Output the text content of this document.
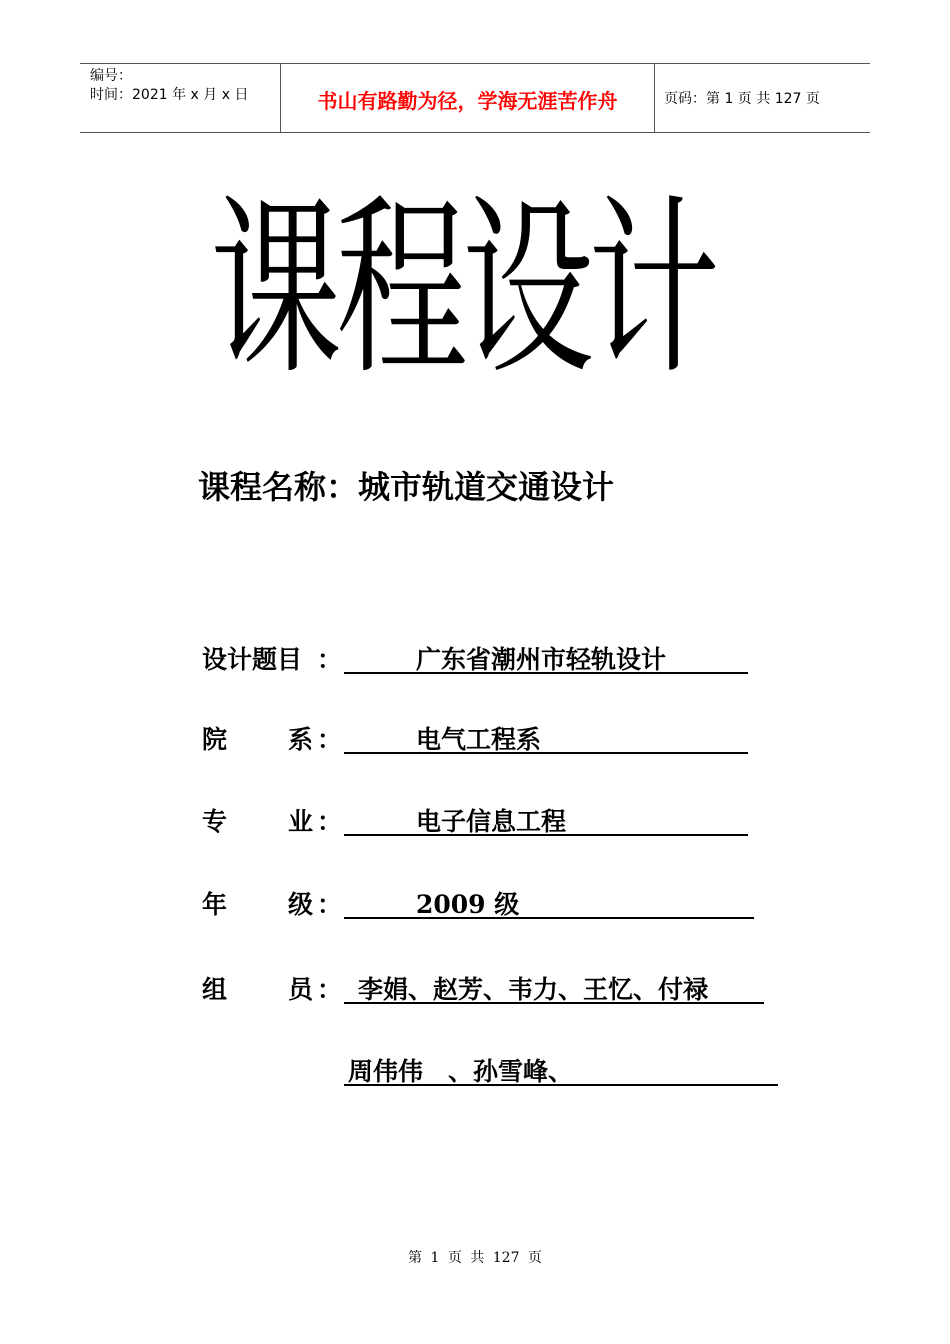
编号：
时间：2021 年 x 月 x 日	书山有路勤为径，学海无涯苦作舟	页码：第 1 页 共 127 页
课程设计
课程名称：城市轨道交通设计
设计题目 ：	广东省潮州市轻轨设计
院 系 ：	电气工程系
专 业 ：	电子信息工程
年 级 ：	2009 级
组 员 ： 李娟、赵芳、韦力、王忆、付禄
周伟伟　、孙雪峰、
第 1 页 共 127 页
